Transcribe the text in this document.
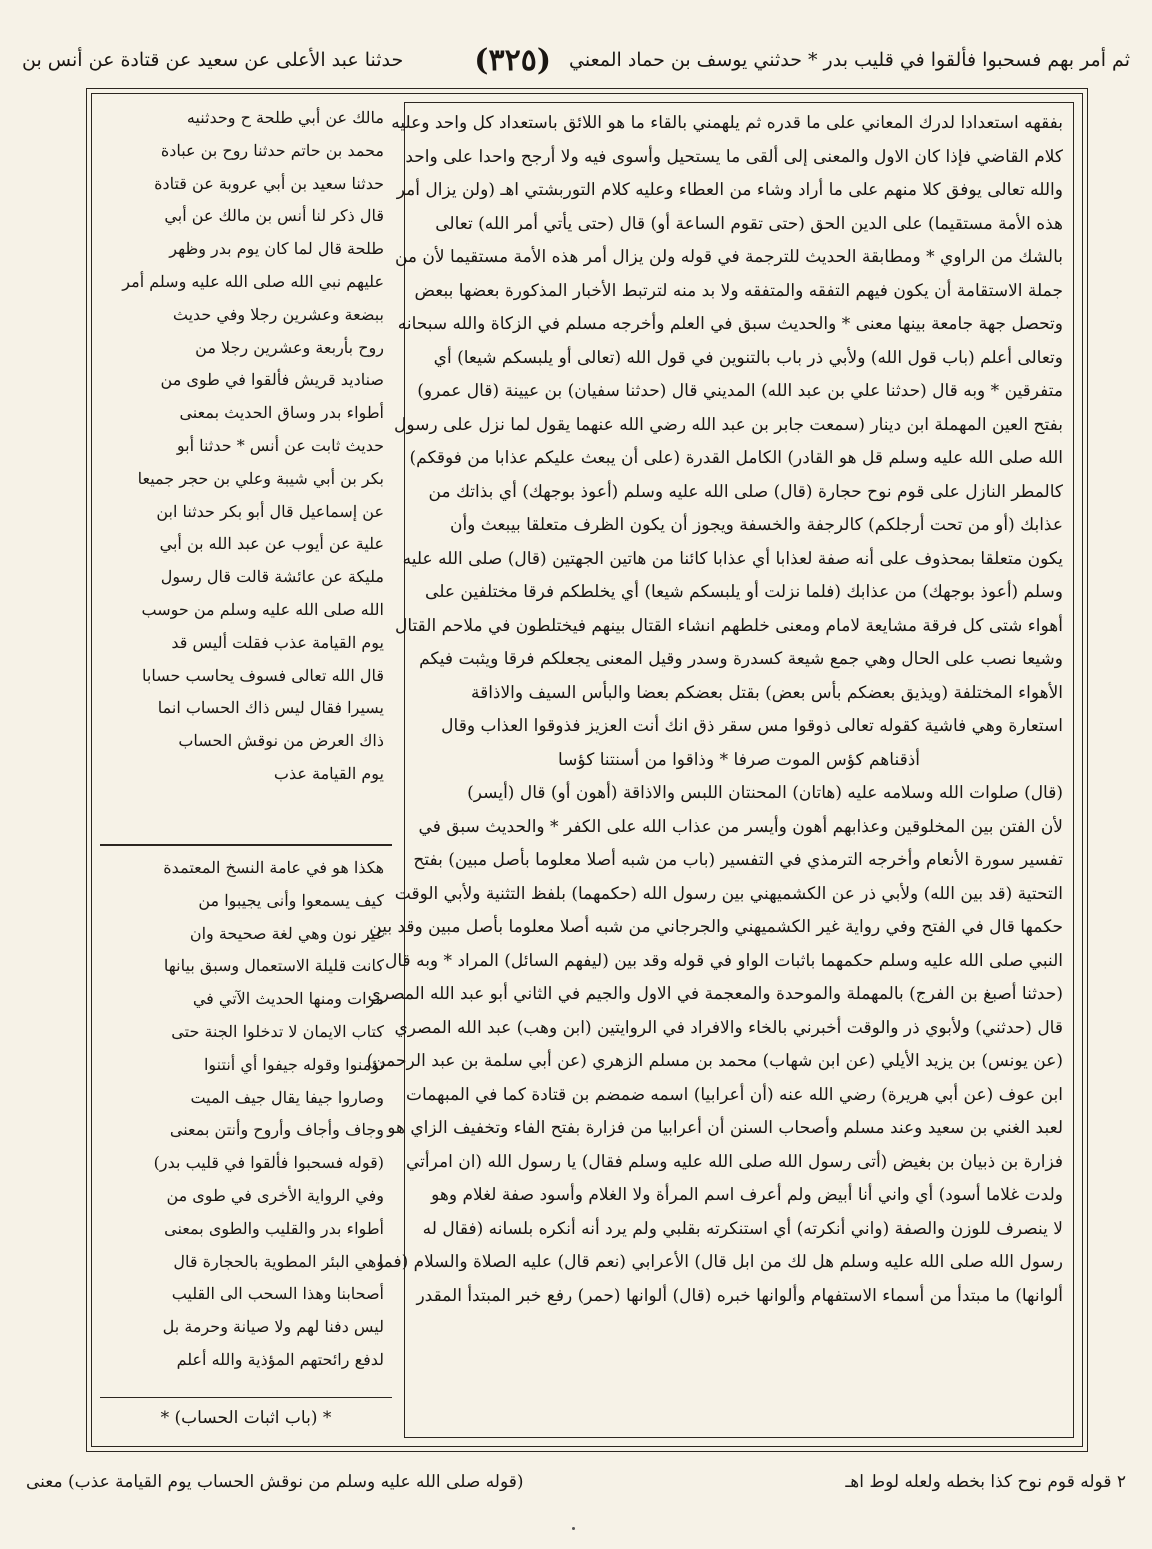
ثم أمر بهم فسحبوا فألقوا في قليب بدر * حدثني يوسف بن حماد المعني
(٣٢٥)
حدثنا عبد الأعلى عن سعيد عن قتادة عن أنس بن
بفقهه استعدادا لدرك المعاني على ما قدره ثم يلهمني بالقاء ما هو اللائق باستعداد كل واحد وعليه
كلام القاضي فإذا كان الاول والمعنى إلى ألقى ما يستحيل وأسوى فيه ولا أرجح واحدا على واحد
والله تعالى يوفق كلا منهم على ما أراد وشاء من العطاء وعليه كلام التوربشتي اهـ (ولن يزال أمر
هذه الأمة مستقيما) على الدين الحق (حتى تقوم الساعة أو) قال (حتى يأتي أمر الله) تعالى
بالشك من الراوي * ومطابقة الحديث للترجمة في قوله ولن يزال أمر هذه الأمة مستقيما لأن من
جملة الاستقامة أن يكون فيهم التفقه والمتفقه ولا بد منه لترتبط الأخبار المذكورة بعضها ببعض
وتحصل جهة جامعة بينها معنى * والحديث سبق في العلم وأخرجه مسلم في الزكاة والله سبحانه
وتعالى أعلم (باب قول الله) ولأبي ذر باب بالتنوين في قول الله (تعالى أو يلبسكم شيعا) أي
متفرقين * وبه قال (حدثنا علي بن عبد الله) المديني قال (حدثنا سفيان) بن عيينة (قال عمرو)
بفتح العين المهملة ابن دينار (سمعت جابر بن عبد الله رضي الله عنهما يقول لما نزل على رسول
الله صلى الله عليه وسلم قل هو القادر) الكامل القدرة (على أن يبعث عليكم عذابا من فوقكم)
كالمطر النازل على قوم نوح حجارة (قال) صلى الله عليه وسلم (أعوذ بوجهك) أي بذاتك من
عذابك (أو من تحت أرجلكم) كالرجفة والخسفة ويجوز أن يكون الظرف متعلقا بيبعث وأن
يكون متعلقا بمحذوف على أنه صفة لعذابا أي عذابا كائنا من هاتين الجهتين (قال) صلى الله عليه
وسلم (أعوذ بوجهك) من عذابك (فلما نزلت أو يلبسكم شيعا) أي يخلطكم فرقا مختلفين على
أهواء شتى كل فرقة مشايعة لامام ومعنى خلطهم انشاء القتال بينهم فيختلطون في ملاحم القتال
وشيعا نصب على الحال وهي جمع شيعة كسدرة وسدر وقيل المعنى يجعلكم فرقا ويثبت فيكم
الأهواء المختلفة (ويذيق بعضكم بأس بعض) بقتل بعضكم بعضا والبأس السيف والاذاقة
استعارة وهي فاشية كقوله تعالى ذوقوا مس سقر ذق انك أنت العزيز فذوقوا العذاب وقال
أذقناهم كؤس الموت صرفا * وذاقوا من أسنتنا كؤسا
(قال) صلوات الله وسلامه عليه (هاتان) المحنتان اللبس والاذاقة (أهون أو) قال (أيسر)
لأن الفتن بين المخلوقين وعذابهم أهون وأيسر من عذاب الله على الكفر * والحديث سبق في
تفسير سورة الأنعام وأخرجه الترمذي في التفسير (باب من شبه أصلا معلوما بأصل مبين) بفتح
التحتية (قد بين الله) ولأبي ذر عن الكشميهني بين رسول الله (حكمهما) بلفظ التثنية ولأبي الوقت
حكمها قال في الفتح وفي رواية غير الكشميهني والجرجاني من شبه أصلا معلوما بأصل مبين وقد بين
النبي صلى الله عليه وسلم حكمهما باثبات الواو في قوله وقد بين (ليفهم السائل) المراد * وبه قال
(حدثنا أصبغ بن الفرج) بالمهملة والموحدة والمعجمة في الاول والجيم في الثاني أبو عبد الله المصري
قال (حدثني) ولأبوي ذر والوقت أخبرني بالخاء والافراد في الروايتين (ابن وهب) عبد الله المصري
(عن يونس) بن يزيد الأيلي (عن ابن شهاب) محمد بن مسلم الزهري (عن أبي سلمة بن عبد الرحمن)
ابن عوف (عن أبي هريرة) رضي الله عنه (أن أعرابيا) اسمه ضمضم بن قتادة كما في المبهمات
لعبد الغني بن سعيد وعند مسلم وأصحاب السنن أن أعرابيا من فزارة بفتح الفاء وتخفيف الزاي هو
فزارة بن ذبيان بن بغيض (أتى رسول الله صلى الله عليه وسلم فقال) يا رسول الله (ان امرأتي
ولدت غلاما أسود) أي واني أنا أبيض ولم أعرف اسم المرأة ولا الغلام وأسود صفة لغلام وهو
لا ينصرف للوزن والصفة (واني أنكرته) أي استنكرته بقلبي ولم يرد أنه أنكره بلسانه (فقال له
رسول الله صلى الله عليه وسلم هل لك من ابل قال) الأعرابي (نعم قال) عليه الصلاة والسلام (فما
ألوانها) ما مبتدأ من أسماء الاستفهام وألوانها خبره (قال) ألوانها (حمر) رفع خبر المبتدأ المقدر
مالك عن أبي طلحة ح وحدثنيه
محمد بن حاتم حدثنا روح بن عبادة
حدثنا سعيد بن أبي عروبة عن قتادة
قال ذكر لنا أنس بن مالك عن أبي
طلحة قال لما كان يوم بدر وظهر
عليهم نبي الله صلى الله عليه وسلم أمر
ببضعة وعشرين رجلا وفي حديث
روح بأربعة وعشرين رجلا من
صناديد قريش فألقوا في طوى من
أطواء بدر وساق الحديث بمعنى
حديث ثابت عن أنس * حدثنا أبو
بكر بن أبي شيبة وعلي بن حجر جميعا
عن إسماعيل قال أبو بكر حدثنا ابن
علية عن أيوب عن عبد الله بن أبي
مليكة عن عائشة قالت قال رسول
الله صلى الله عليه وسلم من حوسب
يوم القيامة عذب فقلت أليس قد
قال الله تعالى فسوف يحاسب حسابا
يسيرا فقال ليس ذاك الحساب انما
ذاك العرض من نوقش الحساب
يوم القيامة عذب
هكذا هو في عامة النسخ المعتمدة
كيف يسمعوا وأنى يجيبوا من
غير نون وهي لغة صحيحة وان
كانت قليلة الاستعمال وسبق بيانها
مرات ومنها الحديث الآتي في
كتاب الايمان لا تدخلوا الجنة حتى
تؤمنوا وقوله جيفوا أي أنتنوا
وصاروا جيفا يقال جيف الميت
وجاف وأجاف وأروح وأنتن بمعنى
(قوله فسحبوا فألقوا في قليب بدر)
وفي الرواية الأخرى في طوى من
أطواء بدر والقليب والطوى بمعنى
وهي البئر المطوية بالحجارة قال
أصحابنا وهذا السحب الى القليب
ليس دفنا لهم ولا صيانة وحرمة بل
لدفع رائحتهم المؤذية والله أعلم
* (باب اثبات الحساب) *
٢ قوله قوم نوح كذا بخطه ولعله لوط اهـ
(قوله صلى الله عليه وسلم من نوقش الحساب يوم القيامة عذب) معنى
